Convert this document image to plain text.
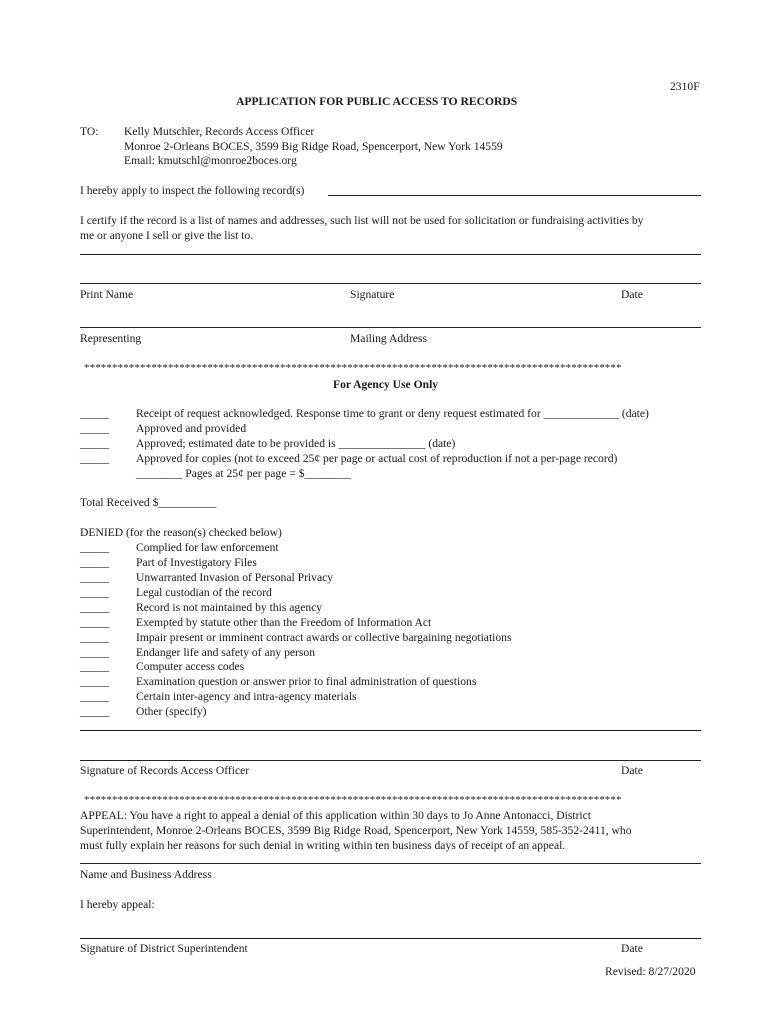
2310F
APPLICATION FOR PUBLIC ACCESS TO RECORDS
TO: Kelly Mutschler, Records Access Officer
Monroe 2-Orleans BOCES, 3599 Big Ridge Road, Spencerport, New York 14559
Email: kmutschl@monroe2boces.org
I hereby apply to inspect the following record(s)
I certify if the record is a list of names and addresses, such list will not be used for solicitation or fundraising activities by
me or anyone I sell or give the list to.
Print Name	Signature	Date
Representing	Mailing Address
************************************************************************************************
For Agency Use Only
_____ Receipt of request acknowledged. Response time to grant or deny request estimated for _____________ (date)
_____ Approved and provided
_____ Approved; estimated date to be provided is _______________ (date)
_____ Approved for copies (not to exceed 25¢ per page or actual cost of reproduction if not a per-page record)
________ Pages at 25¢ per page = $________
Total Received $__________
DENIED (for the reason(s) checked below)
_____ Complied for law enforcement
_____ Part of Investigatory Files
_____ Unwarranted Invasion of Personal Privacy
_____ Legal custodian of the record
_____ Record is not maintained by this agency
_____ Exempted by statute other than the Freedom of Information Act
_____ Impair present or imminent contract awards or collective bargaining negotiations
_____ Endanger life and safety of any person
_____ Computer access codes
_____ Examination question or answer prior to final administration of questions
_____ Certain inter-agency and intra-agency materials
_____ Other (specify)
Signature of Records Access Officer	Date
************************************************************************************************
APPEAL: You have a right to appeal a denial of this application within 30 days to Jo Anne Antonacci, District
Superintendent, Monroe 2-Orleans BOCES, 3599 Big Ridge Road, Spencerport, New York 14559, 585-352-2411, who
must fully explain her reasons for such denial in writing within ten business days of receipt of an appeal.
Name and Business Address
I hereby appeal:
Signature of District Superintendent	Date
Revised: 8/27/2020
